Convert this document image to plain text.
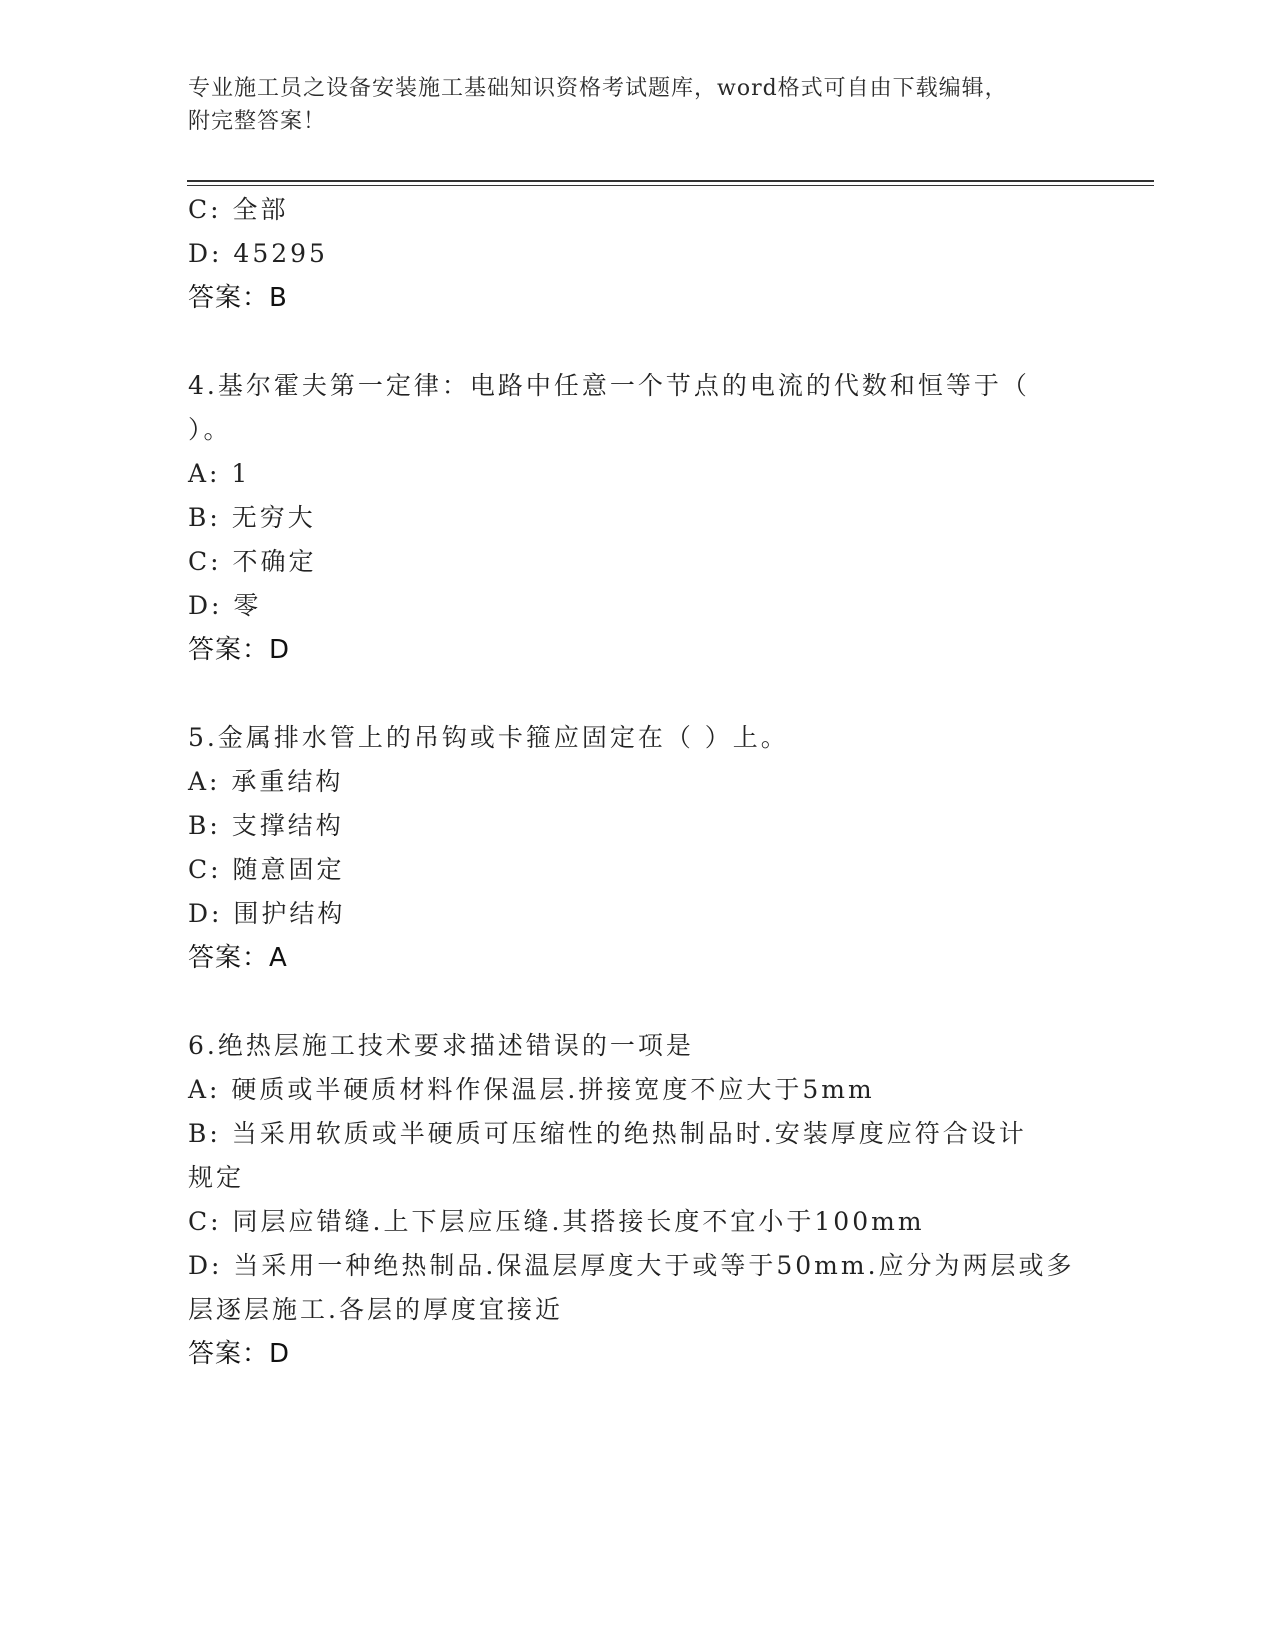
专业施工员之设备安装施工基础知识资格考试题库，word格式可自由下载编辑，
附完整答案！
C: 全部
D: 45295
答案：B
4.基尔霍夫第一定律：电路中任意一个节点的电流的代数和恒等于（
）。
A: 1
B: 无穷大
C: 不确定
D: 零
答案：D
5.金属排水管上的吊钩或卡箍应固定在（ ）上。
A: 承重结构
B: 支撑结构
C: 随意固定
D: 围护结构
答案：A
6.绝热层施工技术要求描述错误的一项是
A: 硬质或半硬质材料作保温层.拼接宽度不应大于5mm
B: 当采用软质或半硬质可压缩性的绝热制品时.安装厚度应符合设计
规定
C: 同层应错缝.上下层应压缝.其搭接长度不宜小于100mm
D: 当采用一种绝热制品.保温层厚度大于或等于50mm.应分为两层或多
层逐层施工.各层的厚度宜接近
答案：D
